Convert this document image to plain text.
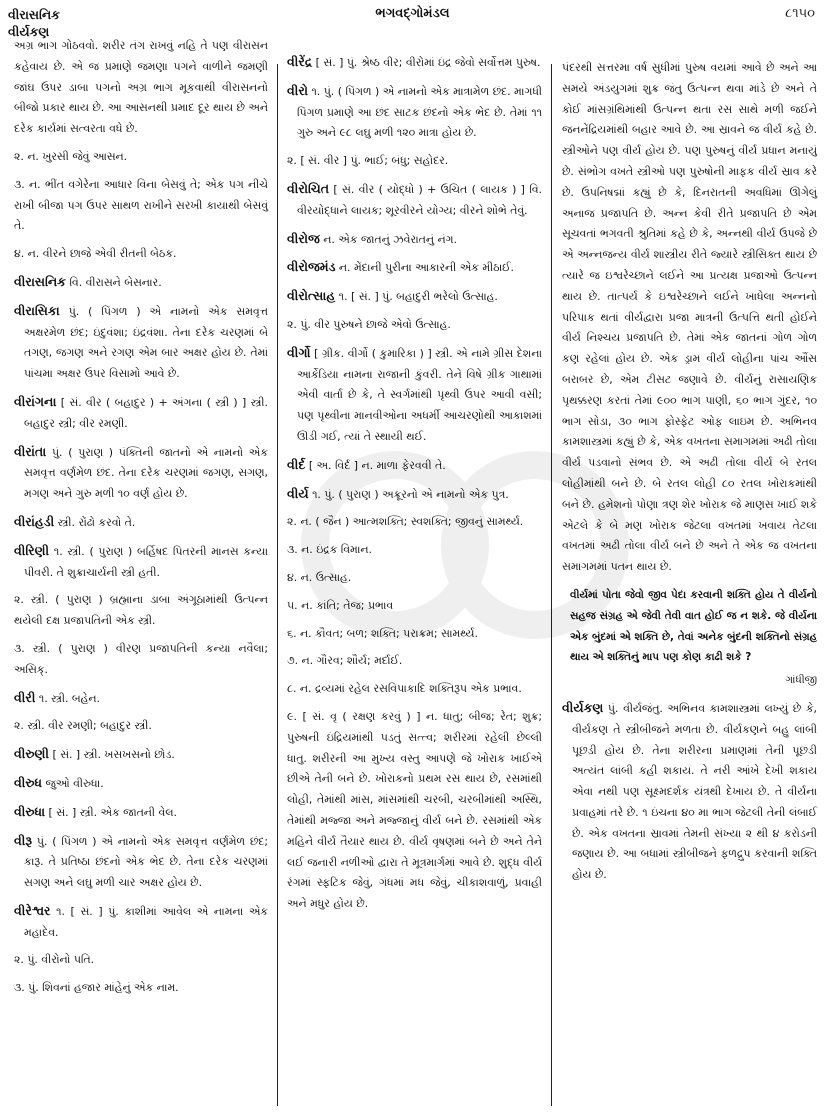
વીરાસનિક
વીર્યકણ
ભગવદ્ગોમંડલ	૮૧૫૦
અગ્ર ભાગ ગોઠવવો. શરીર તંગ રાખવું નહિ તે પણ વીરાસન કહેવાય છે. એ જ પ્રમાણે જમણા પગને વાળીને જમણી જાંઘ ઉપર ડાબા પગનો અગ્ર ભાગ મૂકવાથી વીરાસનનો બીજો પ્રકાર થાય છે. આ આસનથી પ્રમાદ દૂર થાય છે અને દરેક કાર્યમાં સત્વરતા વધે છે.
૨. ન. ખુરસી જેવું આસન.
૩. ન. ભીંત વગેરેના આધાર વિના બેસવું તે; એક પગ નીચે રાખી બીજા પગ ઉપર સાથળ રાખીને સરખી કાયાથી બેસવું તે.
૪. ન. વીરને છાજે એવી રીતની બેઠક.
વીરાસનિક વિ. વીરાસને બેસનાર.
વીરાસિકા પું. ( પિંગળ ) એ નામનો એક સમવૃત્ત અક્ષરમેળ છંદ; ઇંદુવંશા; ઇંદ્રવંશા. તેના દરેક ચરણમાં બે તગણ, જગણ અને રગણ એમ બાર અક્ષર હોય છે. તેમાં પાંચમા અક્ષર ઉપર વિસામો આવે છે.
વીરાંગના [ સં. વીર ( બહાદુર ) + અંગના ( સ્ત્રી ) ] સ્ત્રી. બહાદુર સ્ત્રી; વીર રમણી.
વીરાંતા પું. ( પુરાણ ) પંક્તિની જાતનો એ નામનો એક સમવૃત્ત વર્ણમેળ છંદ. તેના દરેક ચરણમાં જગણ, સગણ, મગણ અને ગુરુ મળી ૧૦ વર્ણ હોય છે.
વીરાંહડી સ્ત્રી. રોંઢો કરવો તે.
વીરિણી ૧. સ્ત્રી. ( પુરાણ ) બર્હિષદ પિતરની માનસ કન્યા પીવરી. તે શુક્રાચાર્યની સ્ત્રી હતી.
૨. સ્ત્રી. ( પુરાણ ) બ્રહ્માના ડાબા અંગૂઠામાંથી ઉત્પન્ન થયેલી દક્ષ પ્રજાપતિની એક સ્ત્રી.
૩. સ્ત્રી. ( પુરાણ ) વીરણ પ્રજાપતિની કન્યા નવૈલા; અસિક્.
વીરી ૧. સ્ત્રી. બહેન.
૨. સ્ત્રી. વીર રમણી; બહાદુર સ્ત્રી.
વીરુણી [ સં. ] સ્ત્રી. ખસખસનો છોડ.
વીરુધ જુઓ વીરુધા.
વીરુધા [ સં. ] સ્ત્રી. એક જાતની વેલ.
વીરૂ પું. ( પિંગળ ) એ નામનો એક સમવૃત્ત વર્ણમેળ છંદ; કારૂ. તે પ્રતિષ્ઠા છંદનો એક ભેદ છે. તેના દરેક ચરણમાં સગણ અને લઘુ મળી ચાર અક્ષર હોય છે.
વીરેશ્વર ૧. [ સં. ] પું. કાશીમાં આવેલ એ નામના એક મહાદેવ.
૨. પું. વીરોનો પતિ.
૩. પું. શિવનાં હજાર માંહેનું એક નામ.
વીરેંદ્ર [ સં. ] પું. શ્રેષ્ઠ વીર; વીરોમાં ઇંદ્ર જેવો સર્વોત્તમ પુરુષ.
વીરો ૧. પું. ( પિંગળ ) એ નામનો એક માત્રામેળ છંદ. માગધી પિંગળ પ્રમાણે આ છંદ સાટક છંદનો એક ભેદ છે. તેમાં ૧૧ ગુરુ અને ૯૮ લઘુ મળી ૧૨૦ માત્રા હોય છે.
૨. [ સં. વીર ] પું. ભાઈ; બંધુ; સહોદર.
વીરોચિત [ સં. વીર ( યોદ્ધો ) + ઉચિત ( લાયક ) ] વિ. વીરયોદ્ધાને લાયક; શૂરવીરને યોગ્ય; વીરને શોભે તેવું.
વીરોજ ન. એક જાતનું ઝવેરાતનું નંગ.
વીરોજમંડ ન. મેંદાની પુરીના આકારની એક મીઠાઈ.
વીરોત્સાહ ૧. [ સં. ] પું. બહાદુરી ભરેલો ઉત્સાહ.
૨. પું. વીર પુરુષને છાજે એવો ઉત્સાહ.
વીર્ગો [ ગ્રીક. વીર્ગો ( કુમારિકા ) ] સ્ત્રી. એ નામે ગ્રીસ દેશના આર્કેડિયા નામના રાજાની કુંવરી. તેને વિષે ગ્રીક ગાથામાં એવી વાર્તા છે કે, તે સ્વર્ગમાંથી પૃથ્વી ઉપર આવી વસી; પણ પૃથ્વીના માનવીઓના અધર્મી આચરણોથી આકાશમાં ઊડી ગઈ, ત્યાં તે સ્થાયી થઈ.
વીર્દ [ અ. વિર્દ ] ન. માળા ફેરવવી તે.
વીર્ય ૧. પું. ( પુરાણ ) અક્રૂરનો એ નામનો એક પુત્ર.
૨. ન. ( જૈન ) આત્મશક્તિ; સ્વશક્તિ; જીવનું સામર્થ્ય.
૩. ન. ઇંદ્રક વિમાન.
૪. ન. ઉત્સાહ.
૫. ન. કાંતિ; તેજ; પ્રભાવ
૬. ન. કૌવત; બળ; શક્તિ; પરાક્રમ; સામર્થ્ય.
૭. ન. ગૌરવ; શૌર્ય; મર્દાઈ.
૮. ન. દ્રવ્યમાં રહેલ રસવિપાકાદિ શક્તિરૂપ એક પ્રભાવ.
૯. [ સં. વૃ ( રક્ષણ કરવું ) ] ન. ધાતુ; બીજ; રેત; શુક્ર; પુરુષની ઇંદ્રિયમાંથી પડતું સત્ત્વ; શરીરમાં રહેલી છેલ્લી ધાતુ. શરીરની આ મુખ્ય વસ્તુ આપણે જે ખોરાક ખાઈએ છીએ તેની બને છે. ખોરાકનો પ્રથમ રસ થાય છે, રસમાંથી લોહી, તેમાંથી માંસ, માંસમાંથી ચરબી, ચરબીમાંથી અસ્થિ, તેમાંથી મજ્જા અને મજ્જાનું વીર્ય બને છે. રસમાંથી એક મહિને વીર્ય તૈયાર થાય છે. વીર્ય વૃષણમાં બને છે અને તેને લઈ જનારી નળીઓ દ્વારા તે મૂત્રમાર્ગમાં આવે છે. શુદ્ધ વીર્ય રંગમાં સ્ફટિક જેવું, ગંધમાં મધ જેવું, ચીકાશવાળું, પ્રવાહી અને મધુર હોય છે.
પંદરથી સત્તરમા વર્ષ સુધીમાં પુરુષ વયમાં આવે છે અને આ સમયે અંડયુગમાં શુક્ર જંતુ ઉત્પન્ન થવા માંડે છે અને તે કોઈ માંસગ્રંથિમાંથી ઉત્પન્ન થતા રસ સાથે મળી જઈને જનનેંદ્રિયમાંથી બહાર આવે છે. આ સ્રાવને જ વીર્ય કહે છે. સ્ત્રીઓને પણ વીર્ય હોય છે. પણ પુરુષનું વીર્ય પ્રધાન મનાયું છે. સંભોગ વખતે સ્ત્રીઓ પણ પુરુષોની માફક વીર્ય સ્રાવ કરે છે. ઉપનિષદ્માં કહ્યું છે કે, દિનરાતની અવધિમાં ઊગેલું અનાજ પ્રજાપતિ છે. અન્ન કેવી રીતે પ્રજાપતિ છે એમ સૂચવતાં ભગવતી શ્રુતિમાં કહે છે કે, અન્નથી વીર્ય ઉપજે છે એ અન્નજન્ય વીર્ય શાસ્ત્રીય રીતે જ્યારે સ્ત્રીસિક્ત થાય છે ત્યારે જ ઇશ્વરેચ્છાને લઈને આ પ્રત્યક્ષ પ્રજાઓ ઉત્પન્ન થાય છે. તાત્પર્ય કે ઇશ્વરેચ્છાને લઈને ખાધેલા અન્નનો પરિપાક થતાં વીર્યદ્વારા પ્રજા માત્રની ઉત્પત્તિ થતી હોઈને વીર્ય નિશ્ચય પ્રજાપતિ છે. તેમાં એક જાતનાં ગોળ ગોળ કણ રહેલાં હોય છે. એક ડ્રામ વીર્ય લોહીના પાંચ ઔંસ બરાબર છે, એમ ટીસટ જણાવે છે. વીર્યનું રાસાયણિક પૃથક્કરણ કરતાં તેમાં ૯૦૦ ભાગ પાણી, ૬૦ ભાગ ગુંદર, ૧૦ ભાગ સોડા, ૩૦ ભાગ ફોસ્ફેટ ઓફ લાઇમ છે. અભિનવ કામશાસ્ત્રમાં કહ્યું છે કે, એક વખતના સમાગમમાં અઢી તોલા વીર્ય પડવાનો સંભવ છે. એ અઢી તોલા વીર્ય બે રતલ લોહીમાંથી બને છે. બે રતલ લોહી ૮૦ રતલ ખોરાકમાંથી બને છે. હમેશનો પોણા ત્રણ શેર ખોરાક જે માણસ ખાઈ શકે એટલે કે બે મણ ખોરાક જેટલા વખતમાં ખવાય તેટલા વખતમાં અઢી તોલા વીર્ય બને છે અને તે એક જ વખતના સમાગમમાં પતન થાય છે.
વીર્યમાં પોતા જેવો જીવ પેદા કરવાની શક્તિ હોય તે વીર્યનો સહજ સંગ્રહ એ જેવી તેવી વાત હોઈ જ ન શકે. જે વીર્યના એક બુંદમાં એ શક્તિ છે, તેવાં અનેક બુંદની શક્તિનો સંગ્રહ થાય એ શક્તિનું માપ પણ કોણ કાઢી શકે ?
ગાંધીજી
વીર્યકણ પું. વીર્યજંતુ. અભિનવ કામશાસ્ત્રમાં લખ્યું છે કે, વીર્યકણ તે સ્ત્રીબીજને મળતા છે. વીર્યકણને બહુ લાંબી પૂછડી હોય છે. તેના શરીરના પ્રમાણમાં તેની પૂછડી અત્યંત લાંબી કહી શકાય. તે નરી આંખે દેખી શકાય એવા નથી પણ સૂક્ષ્મદર્શક યંત્રથી દેખાય છે. તે વીર્યના પ્રવાહમાં તરે છે. ૧ ઇંચના ૪૦ મા ભાગ જેટલી તેની લંબાઈ છે. એક વખતના સ્રાવમાં તેમની સંખ્યા ૨ થી ૪ કરોડની જણાય છે. આ બધામાં સ્ત્રીબીજને ફળદ્રુપ કરવાની શક્તિ હોય છે.
